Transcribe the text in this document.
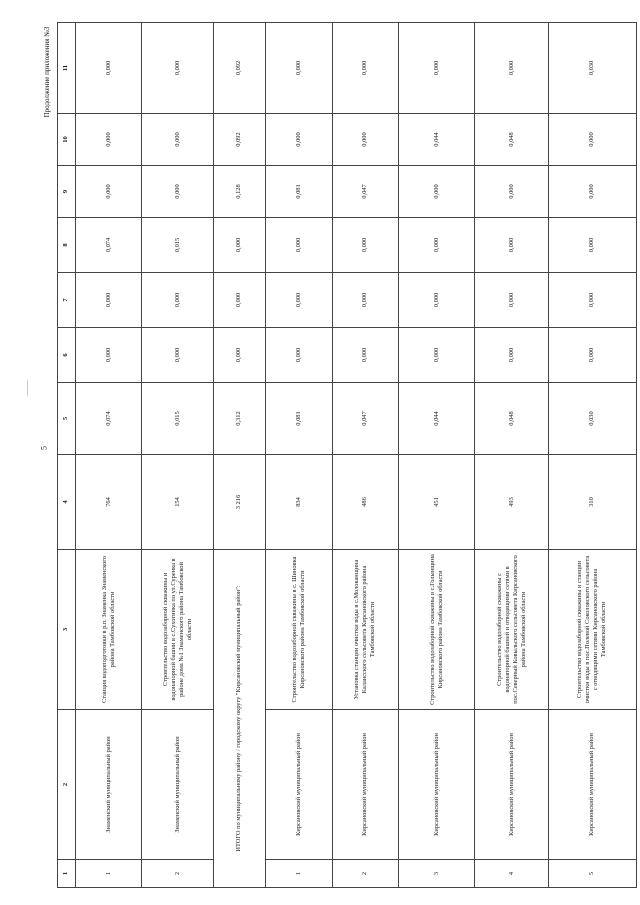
5
Продолжение приложения №3
1	2	3	4	5	6	7	8	9	10	11
1	Знаменский муниципальный район	Станция водоподготовки в р.п. Знаменка Знаменского района Тамбовской области	764	0,074	0,000	0,000	0,074	0,000	0,000	0,000
2	Знаменский муниципальный район	Строительство водозаборной скважины и водонапорной башни в с.Сухотинка по ул.Суренка в районе дома №1 Знаменского района Тамбовской области	154	0,015	0,000	0,000	0,015	0,000	0,000	0,000
ИТОГО по муниципальному району / городскому округу "Кирсановский муниципальный район":			3 216	0,312	0,000	0,000	0,000	0,128	0,092	0,092
1	Кирсановский муниципальный район	Строительство водозаборной скважины в с. Шиновка Кирсановского района Тамбовской области	834	0,081	0,000	0,000	0,000	0,081	0,000	0,000
2	Кирсановский муниципальный район	Установка станции очистки воды в с.Молоканщина Калаисского сельсовета Кирсановского района Тамбовской области	486	0,047	0,000	0,000	0,000	0,047	0,000	0,000
3	Кирсановский муниципальный район	Строительство водозаборной скважины в с.Голынщина Кирсановского района Тамбовской области	451	0,044	0,000	0,000	0,000	0,000	0,044	0,000
4	Кирсановский муниципальный район	Строительство водозаборной скважины с водонапорной башней и отводящими сетями в пос.Северный Ковыльского сельсовета Кирсановского района Тамбовской области	493	0,048	0,000	0,000	0,000	0,000	0,048	0,000
5	Кирсановский муниципальный район	Строительство водозаборной скважины и станции очистки воды в пос.Полевой Соколовского сельсовета с отводящими сетями Кирсановского района Тамбовской области	310	0,030	0,000	0,000	0,000	0,000	0,000	0,030
